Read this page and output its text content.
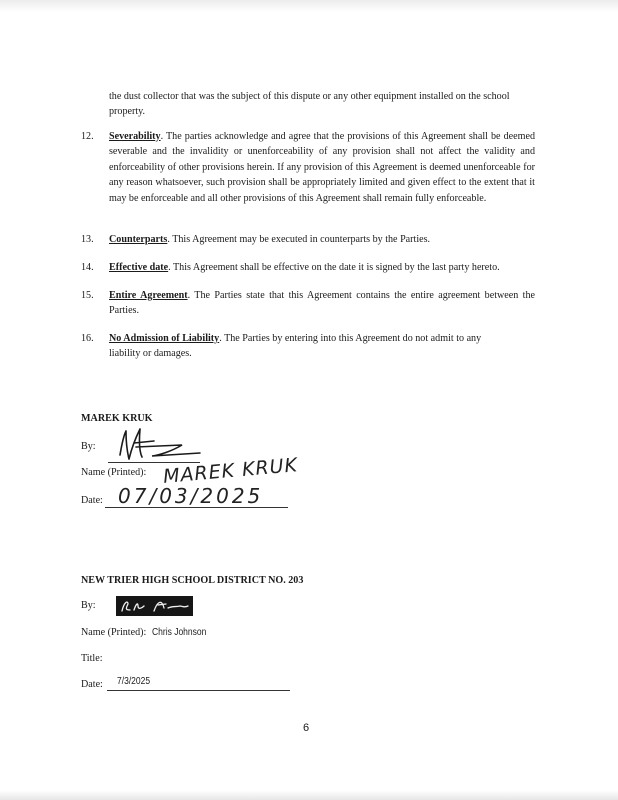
the dust collector that was the subject of this dispute or any other equipment installed on the school property.
12. Severability. The parties acknowledge and agree that the provisions of this Agreement shall be deemed severable and the invalidity or unenforceability of any provision shall not affect the validity and enforceability of other provisions herein. If any provision of this Agreement is deemed unenforceable for any reason whatsoever, such provision shall be appropriately limited and given effect to the extent that it may be enforceable and all other provisions of this Agreement shall remain fully enforceable.
13. Counterparts. This Agreement may be executed in counterparts by the Parties.
14. Effective date. This Agreement shall be effective on the date it is signed by the last party hereto.
15. Entire Agreement. The Parties state that this Agreement contains the entire agreement between the Parties.
16. No Admission of Liability. The Parties by entering into this Agreement do not admit to any liability or damages.
MAREK KRUK
By:
Name (Printed): MAREK KRUK
Date: 07/03/2025
NEW TRIER HIGH SCHOOL DISTRICT NO. 203
By:
Name (Printed): Chris Johnson
Title:
Date: 7/3/2025
6
